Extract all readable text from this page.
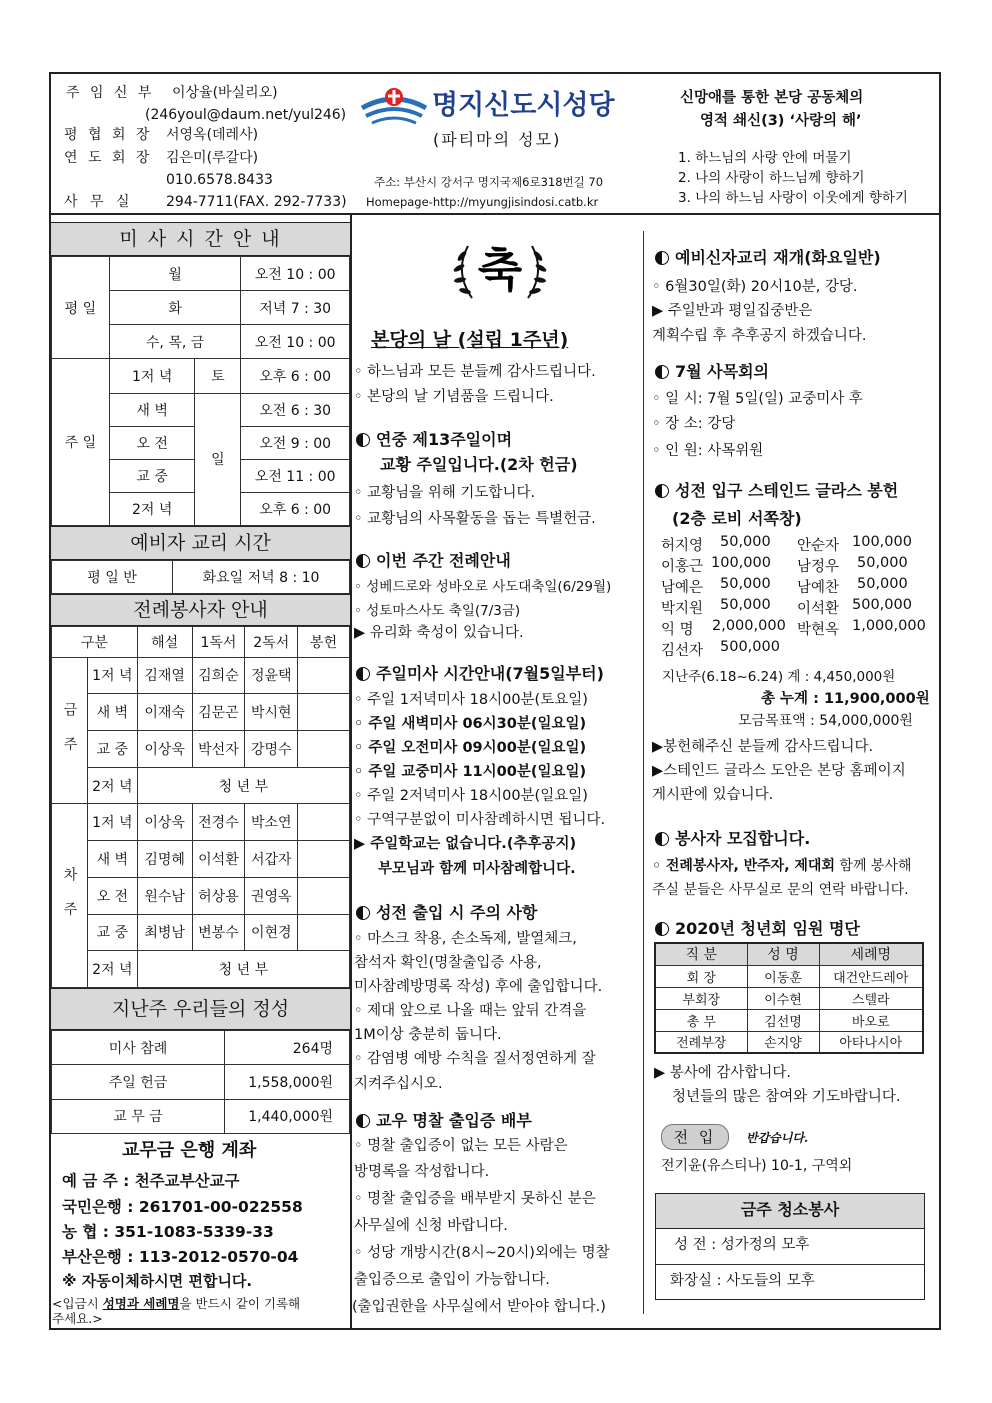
주 임 신 부 이상율(바실리오)
(246youl@daum.net/yul246)
평 협 회 장 서영옥(데레사)
연 도 회 장 김은미(루갈다)
010.6578.8433
사 무 실 294-7711(FAX. 292-7733)
명지신도시성당
(파티마의 성모)
주소: 부산시 강서구 명지국제6로318번길 70
Homepage-http://myungjisindosi.catb.kr
신망애를 통한 본당 공동체의
영적 쇄신(3) ‘사랑의 해’
1. 하느님의 사랑 안에 머물기
2. 나의 사랑이 하느님께 향하기
3. 나의 하느님 사랑이 이웃에게 향하기
미 사 시 간 안 내
평 일	월		오전 10 : 00
	화		저녁 7 : 30
	수, 목, 금		오전 10 : 00
주 일	1저 녁	토	오후 6 : 00
	새 벽	일	오전 6 : 30
	오 전		오전 9 : 00
	교 중		오전 11 : 00
	2저 녁		오후 6 : 00
예비자 교리 시간
평 일 반	화요일 저녁 8 : 10
전례봉사자 안내
구분		해설	1독서	2독서	봉헌
금 주	1저 녁	김재열	김희순	정윤택	
	새 벽	이재숙	김문곤	박시현	
	교 중	이상욱	박선자	강명수	
	2저 녁	청 년 부			
차 주	1저 녁	이상욱	전경수	박소연	
	새 벽	김명혜	이석환	서갑자	
	오 전	원수남	허상용	권영옥	
	교 중	최병남	변봉수	이현경	
	2저 녁	청 년 부			
지난주 우리들의 정성
미사 참례	264명
주일 헌금	1,558,000원
교 무 금	1,440,000원
교무금 은행 계좌
예 금 주 : 천주교부산교구
국민은행 : 261701-00-022558
농 협 : 351-1083-5339-33
부산은행 : 113-2012-0570-04
※ 자동이체하시면 편합니다.
<입금시 성명과 세례명을 반드시 같이 기록해
주세요.>
축
본당의 날 (설립 1주년)
◦ 하느님과 모든 분들께 감사드립니다.
◦ 본당의 날 기념품을 드립니다.
연중 제13주일이며
교황 주일입니다.(2차 헌금)
◦ 교황님을 위해 기도합니다.
◦ 교황님의 사목활동을 돕는 특별헌금.
이번 주간 전례안내
◦ 성베드로와 성바오로 사도대축일(6/29월)
◦ 성토마스사도 축일(7/3금)
▶ 유리화 축성이 있습니다.
주일미사 시간안내(7월5일부터)
◦ 주일 1저녁미사 18시00분(토요일)
◦ 주일 새벽미사 06시30분(일요일)
◦ 주일 오전미사 09시00분(일요일)
◦ 주일 교중미사 11시00분(일요일)
◦ 주일 2저녁미사 18시00분(일요일)
◦ 구역구분없이 미사참례하시면 됩니다.
▶ 주일학교는 없습니다.(추후공지)
부모님과 함께 미사참례합니다.
성전 출입 시 주의 사항
◦ 마스크 착용, 손소독제, 발열체크,
참석자 확인(명찰출입증 사용,
미사참례방명록 작성) 후에 출입합니다.
◦ 제대 앞으로 나올 때는 앞뒤 간격을
1M이상 충분히 둡니다.
◦ 감염병 예방 수칙을 질서정연하게 잘
지켜주십시오.
교우 명찰 출입증 배부
◦ 명찰 출입증이 없는 모든 사람은
방명록을 작성합니다.
◦ 명찰 출입증을 배부받지 못하신 분은
사무실에 신청 바랍니다.
◦ 성당 개방시간(8시~20시)외에는 명찰
출입증으로 출입이 가능합니다.
(출입권한을 사무실에서 받아야 합니다.)
예비신자교리 재개(화요일반)
◦ 6월30일(화) 20시10분, 강당.
▶ 주일반과 평일집중반은
계획수립 후 추후공지 하겠습니다.
7월 사목회의
◦ 일 시: 7월 5일(일) 교중미사 후
◦ 장 소: 강당
◦ 인 원: 사목위원
성전 입구 스테인드 글라스 봉헌
(2층 로비 서쪽창)
허지영 50,000 안순자 100,000
이홍근 100,000 남정우 50,000
남예은 50,000 남예찬 50,000
박지원 50,000 이석환 500,000
익 명 2,000,000 박현옥 1,000,000
김선자 500,000
지난주(6.18~6.24) 계 : 4,450,000원
총 누계 : 11,900,000원
모금목표액 : 54,000,000원
▶봉헌해주신 분들께 감사드립니다.
▶스테인드 글라스 도안은 본당 홈페이지
게시판에 있습니다.
봉사자 모집합니다.
◦ 전례봉사자, 반주자, 제대회 함께 봉사해
주실 분들은 사무실로 문의 연락 바랍니다.
2020년 청년회 임원 명단
직 분	성 명	세례명
회 장	이동훈	대건안드레아
부회장	이수현	스텔라
총 무	김선명	바오로
전례부장	손지양	아타나시아
▶ 봉사에 감사합니다.
청년들의 많은 참여와 기도바랍니다.
전 입	반갑습니다.
전기윤(유스티나) 10-1, 구역외
금주 청소봉사
성 전 : 성가정의 모후
화장실 : 사도들의 모후
